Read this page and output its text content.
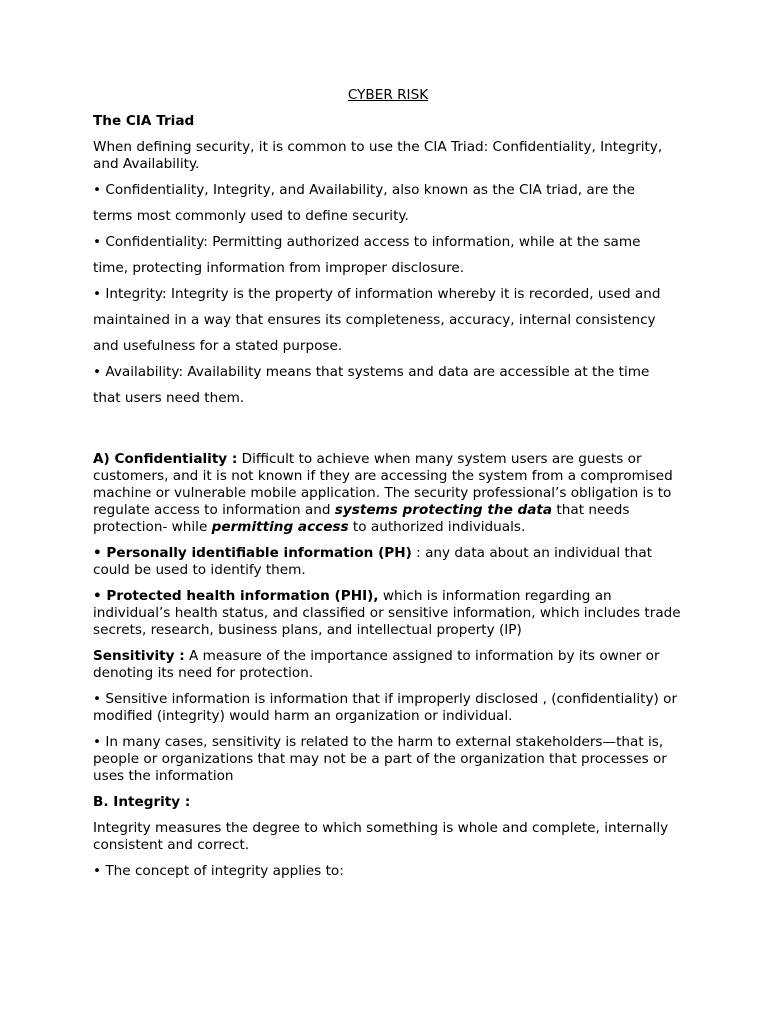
CYBER RISK

The CIA Triad

When defining security, it is common to use the CIA Triad: Confidentiality, Integrity, and Availability.

• Confidentiality, Integrity, and Availability, also known as the CIA triad, are the

terms most commonly used to define security.

• Confidentiality: Permitting authorized access to information, while at the same

time, protecting information from improper disclosure.

• Integrity: Integrity is the property of information whereby it is recorded, used and

maintained in a way that ensures its completeness, accuracy, internal consistency

and usefulness for a stated purpose.

• Availability: Availability means that systems and data are accessible at the time

that users need them.

A) Confidentiality : Difficult to achieve when many system users are guests or customers, and it is not known if they are accessing the system from a compromised machine or vulnerable mobile application. The security professional’s obligation is to regulate access to information and systems protecting the data that needs protection- while permitting access to authorized individuals.

• Personally identifiable information (PH) : any data about an individual that could be used to identify them.

• Protected health information (PHI), which is information regarding an individual’s health status, and classified or sensitive information, which includes trade secrets, research, business plans, and intellectual property (IP)

Sensitivity : A measure of the importance assigned to information by its owner or denoting its need for protection.

• Sensitive information is information that if improperly disclosed , (confidentiality) or modified (integrity) would harm an organization or individual.

• In many cases, sensitivity is related to the harm to external stakeholders—that is, people or organizations that may not be a part of the organization that processes or uses the information

B. Integrity :

Integrity measures the degree to which something is whole and complete, internally consistent and correct.

• The concept of integrity applies to:
